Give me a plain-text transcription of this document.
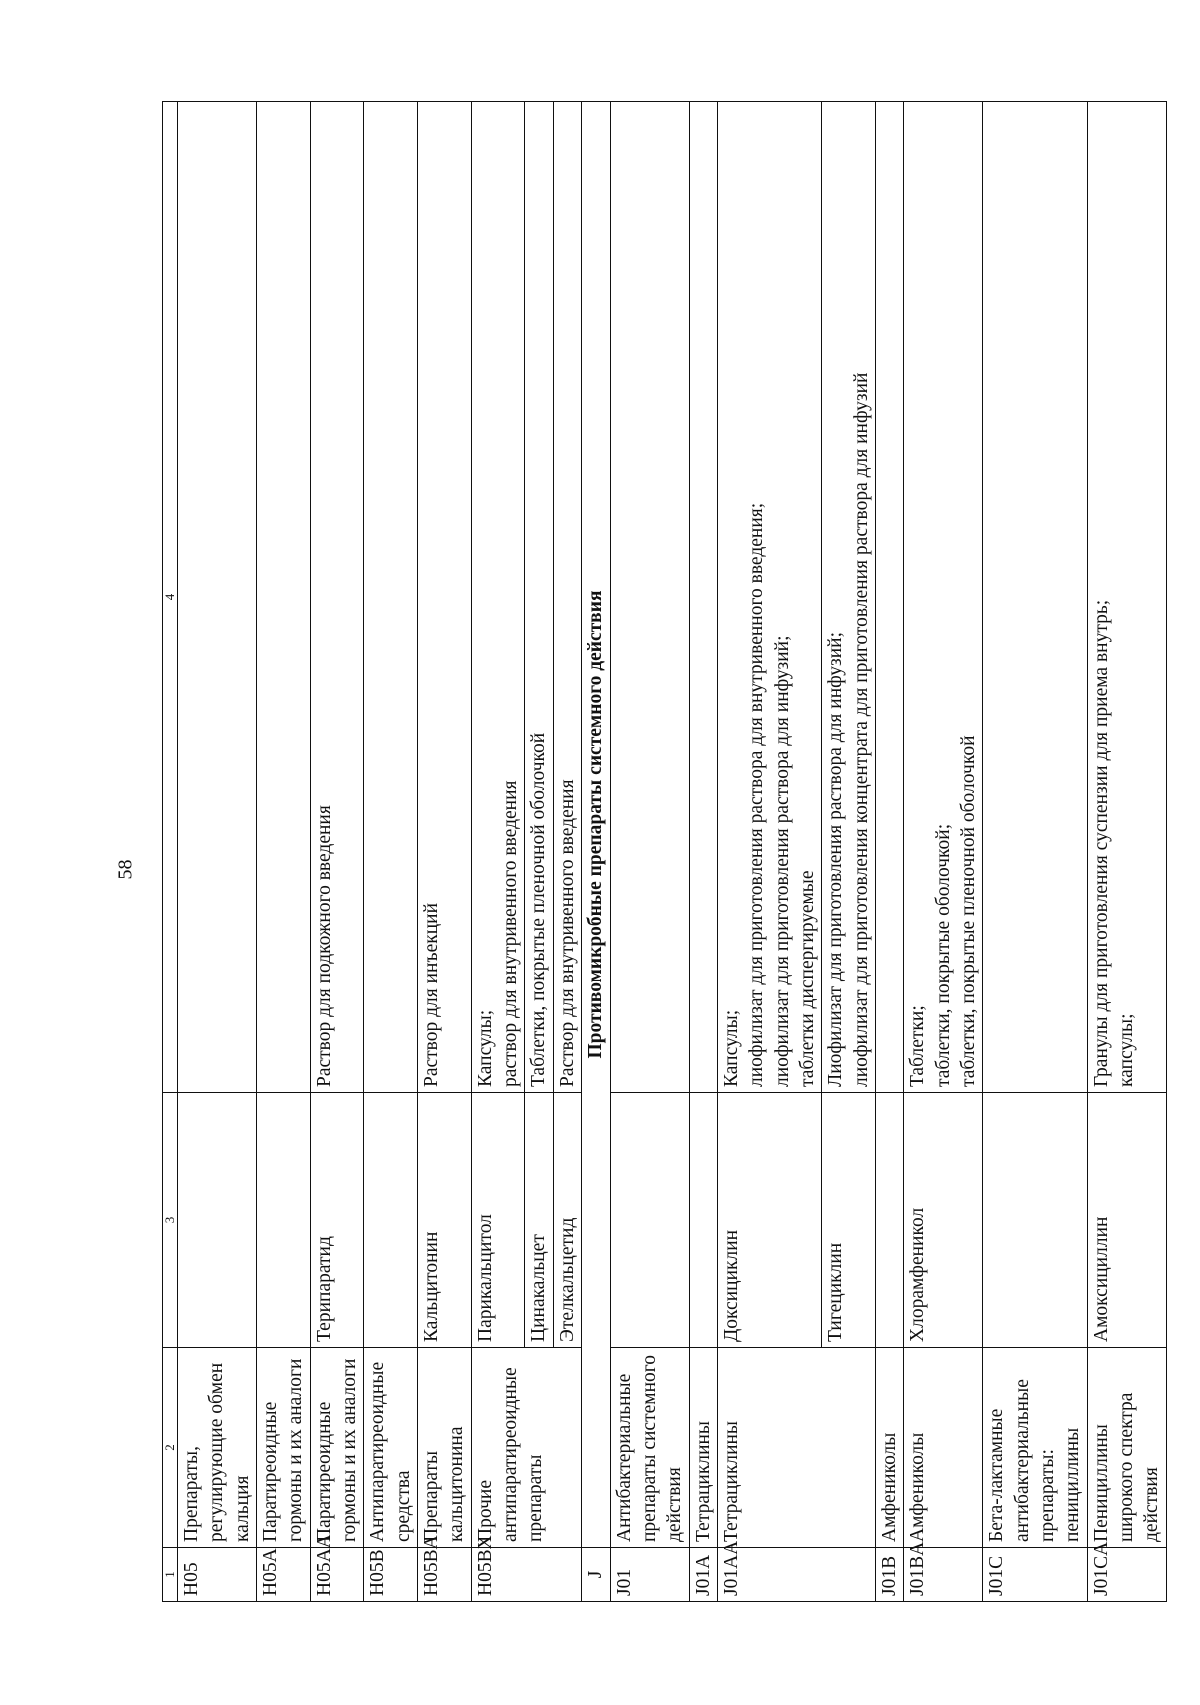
58
1	2	3	4
H05	Препараты, регулирующие обмен кальция		
H05A	Паратиреоидные гормоны и их аналоги		
H05AA	Паратиреоидные гормоны и их аналоги	Терипаратид	Раствор для подкожного введения
H05B	Антипаратиреоидные средства		
H05BA	Препараты кальцитонина	Кальцитонин	Раствор для инъекций
H05BX	Прочие антипаратиреоидные препараты	Парикальцитол	Капсулы; раствор для внутривенного введения

		Цинакальцет	Таблетки, покрытые пленочной оболочкой
		Этелкальцетид	Раствор для внутривенного введения
J	Противомикробные препараты системного действия		
J01	Антибактериальные препараты системного действия		
J01A	Тетрациклины		
J01AA	Тетрациклины	Доксициклин	Капсулы; лиофилизат для приготовления раствора для внутривенного введения; лиофилизат для приготовления раствора для инфузий; таблетки диспергируемые

		Тигециклин	Лиофилизат для приготовления раствора для инфузий; лиофилизат для приготовления концентрата для приготовления раствора для инфузий

J01B	Амфениколы		
J01BA	Амфениколы	Хлорамфеникол	Таблетки; таблетки, покрытые оболочкой; таблетки, покрытые пленочной оболочкой

J01C	Бета-лактамные антибактериальные препараты: пенициллины		
J01CA	Пенициллины широкого спектра действия	Амоксициллин	Гранулы для приготовления суспензии для приема внутрь; капсулы;
